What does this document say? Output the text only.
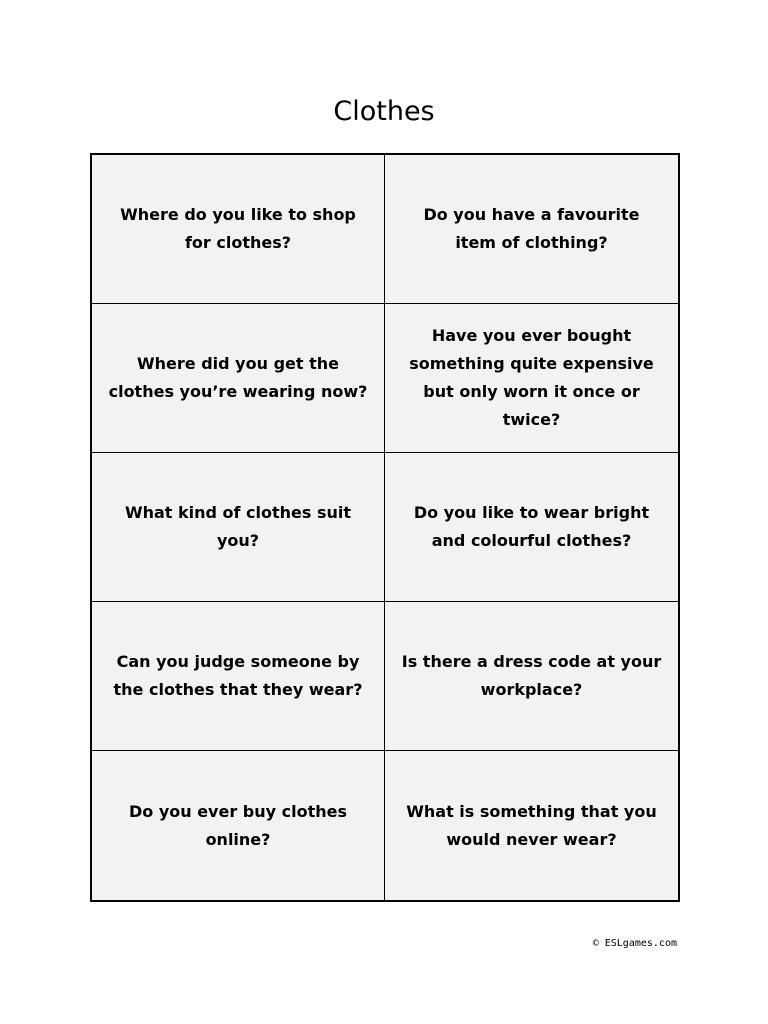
Clothes
Where do you like to shop for clothes?
Do you have a favourite item of clothing?
Where did you get the clothes you’re wearing now?
Have you ever bought something quite expensive but only worn it once or twice?
What kind of clothes suit you?
Do you like to wear bright and colourful clothes?
Can you judge someone by the clothes that they wear?
Is there a dress code at your workplace?
Do you ever buy clothes online?
What is something that you would never wear?
© ESLgames.com
